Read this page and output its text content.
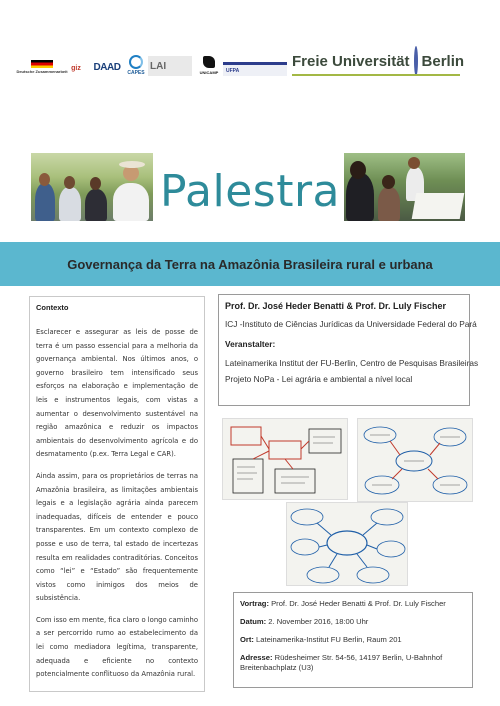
Deutsche Zusammenarbeit giz DAAD CAPES
LAI
UNICAMP UFPA
Freie Universität Berlin
Palestra
Governança da Terra na Amazônia Brasileira rural e urbana
Contexto

Esclarecer e assegurar as leis de posse de terra é um passo essencial para a melhoria da governança ambiental. Nos últimos anos, o governo brasileiro tem intensificado seus esforços na elaboração e implementação de leis e instrumentos legais, com vistas a aumentar o desenvolvimento sustentável na região amazônica e reduzir os impactos ambientais do desenvolvimento agrícola e do desmatamento (p.ex. Terra Legal e CAR).

Ainda assim, para os proprietários de terras na Amazônia brasileira, as limitações ambientais legais e a legislação agrária ainda parecem inadequadas, difíceis de entender e pouco transparentes. Em um contexto complexo de posse e uso de terra, tal estado de incertezas resulta em realidades contraditórias. Conceitos como “lei” e “Estado” são frequentemente vistos como inimigos dos meios de subsistência.

Com isso em mente, fica claro o longo caminho a ser percorrido rumo ao estabelecimento da lei como mediadora legítima, transparente, adequada e eficiente no contexto potencialmente conflituoso da Amazônia rural.

Prof. Dr. José Heder Benatti & Prof. Dr. Luly Fischer
ICJ -Instituto de Ciências Jurídicas da Universidade Federal do Pará
Veranstalter:
Lateinamerika Institut der FU-Berlin, Centro de Pesquisas Brasileiras
Projeto NoPa - Lei agrária e ambiental a nível local
Vortrag: Prof. Dr. José Heder Benatti & Prof. Dr. Luly Fischer
Datum: 2. November 2016, 18:00 Uhr
Ort: Lateinamerika-Institut FU Berlin, Raum 201
Adresse: Rüdesheimer Str. 54-56, 14197 Berlin, U-Bahnhof Breitenbachplatz (U3)
